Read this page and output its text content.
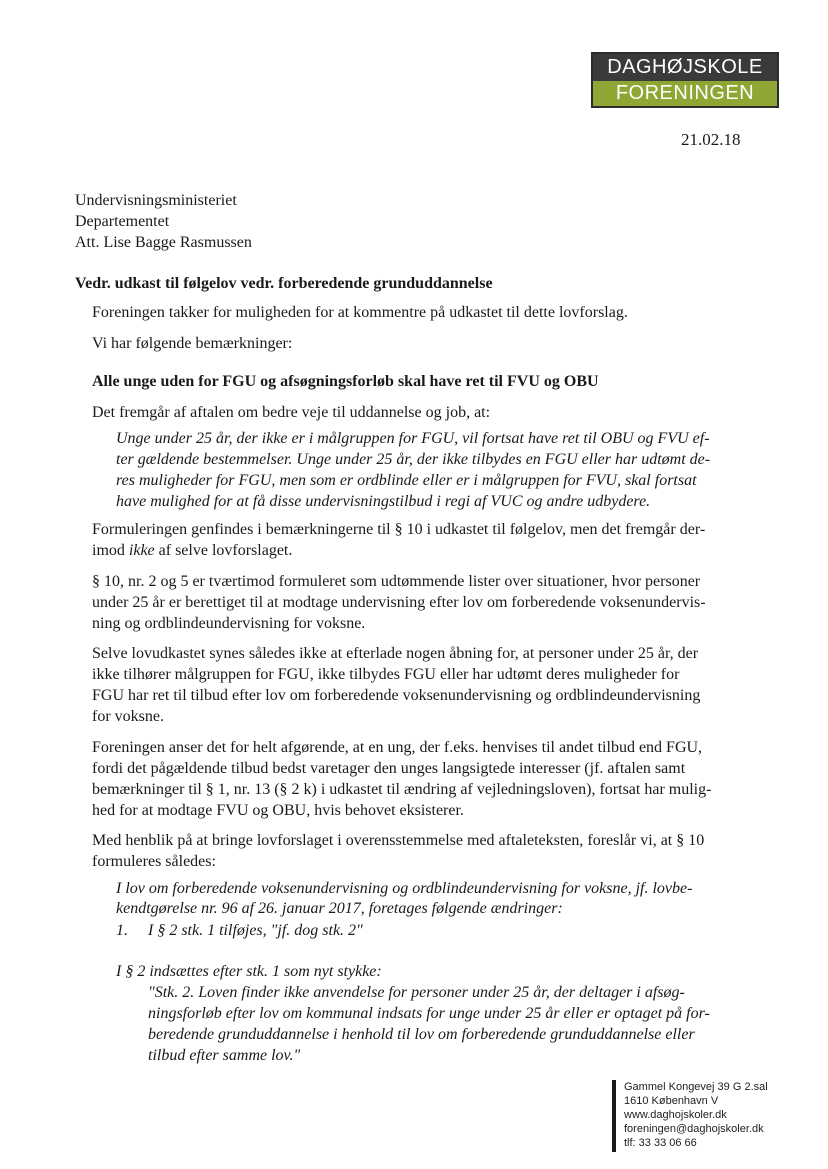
DAGHØJSKOLE
FORENINGEN
21.02.18
Undervisningsministeriet
Departementet
Att. Lise Bagge Rasmussen
Vedr. udkast til følgelov vedr. forberedende grunduddannelse
Foreningen takker for muligheden for at kommentre på udkastet til dette lovforslag.
Vi har følgende bemærkninger:
Alle unge uden for FGU og afsøgningsforløb skal have ret til FVU og OBU
Det fremgår af aftalen om bedre veje til uddannelse og job, at:
Unge under 25 år, der ikke er i målgruppen for FGU, vil fortsat have ret til OBU og FVU ef-
ter gældende bestemmelser. Unge under 25 år, der ikke tilbydes en FGU eller har udtømt de-
res muligheder for FGU, men som er ordblinde eller er i målgruppen for FVU, skal fortsat
have mulighed for at få disse undervisningstilbud i regi af VUC og andre udbydere.
Formuleringen genfindes i bemærkningerne til § 10 i udkastet til følgelov, men det fremgår der-
imod ikke af selve lovforslaget.
§ 10, nr. 2 og 5 er tværtimod formuleret som udtømmende lister over situationer, hvor personer
under 25 år er berettiget til at modtage undervisning efter lov om forberedende voksenundervis-
ning og ordblindeundervisning for voksne.
Selve lovudkastet synes således ikke at efterlade nogen åbning for, at personer under 25 år, der
ikke tilhører målgruppen for FGU, ikke tilbydes FGU eller har udtømt deres muligheder for
FGU har ret til tilbud efter lov om forberedende voksenundervisning og ordblindeundervisning
for voksne.
Foreningen anser det for helt afgørende, at en ung, der f.eks. henvises til andet tilbud end FGU,
fordi det pågældende tilbud bedst varetager den unges langsigtede interesser (jf. aftalen samt
bemærkninger til § 1, nr. 13 (§ 2 k) i udkastet til ændring af vejledningsloven), fortsat har mulig-
hed for at modtage FVU og OBU, hvis behovet eksisterer.
Med henblik på at bringe lovforslaget i overensstemmelse med aftaleteksten, foreslår vi, at § 10
formuleres således:
I lov om forberedende voksenundervisning og ordblindeundervisning for voksne, jf. lovbe-
kendtgørelse nr. 96 af 26. januar 2017, foretages følgende ændringer:
1. I § 2 stk. 1 tilføjes, "jf. dog stk. 2"
I § 2 indsættes efter stk. 1 som nyt stykke:
"Stk. 2. Loven finder ikke anvendelse for personer under 25 år, der deltager i afsøg-
ningsforløb efter lov om kommunal indsats for unge under 25 år eller er optaget på for-
beredende grunduddannelse i henhold til lov om forberedende grunduddannelse eller
tilbud efter samme lov."
Gammel Kongevej 39 G 2.sal
1610 København V
www.daghojskoler.dk
foreningen@daghojskoler.dk
tlf: 33 33 06 66
